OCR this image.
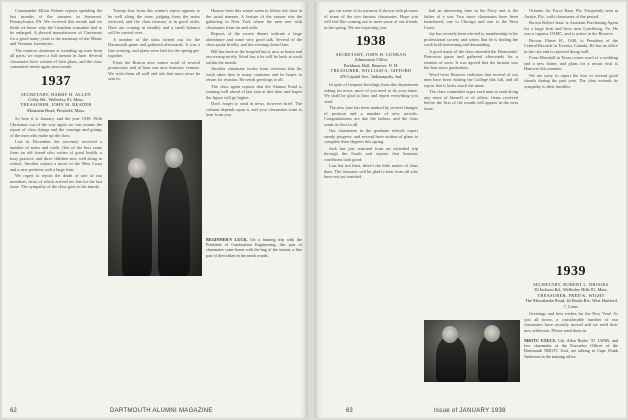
Commander Elliott Palmer reports spending the last months of the summer in Somerset, Pennsylvania, PA. We received this month and we think we know why the Canadian consulate had to be enlarged. A shrewd manufacturer of Cincinnati for a good many years is the mainstay of the Maine and Vermont fraternities.

The reunion chairman is rounding up men from all parts; we expect a full turnout in June. Several classmates have written of their plans, and the class committee meets again next month.

1937

SECRETARY, HARRY H. ALLEN

Colby Rd., Wellesley 81, Mass.

TREASURER, JOHN M. BEADER

Mountain Road, Pittsfield, Mass.

So here it is January, and the year 1938. With Christmas out of the way again we can resume the report of class doings and the comings and goings of the men who make up the class.

Late in December the secretary received a number of notes and cards. One of the best came from an old friend who writes of good health, a busy practice, and three children now well along in school. Another reports a move to the West Coast and a new position with a large firm.

We regret to report the death of one of our members, news of which arrived too late for the last issue. The sympathy of the class goes to his family.

Twenty-four from this winter's report appears to be well along the river, judging from the notes received, and the class treasury is in good order. Dues are coming in steadily and a small balance will be carried over.

A number of the class turned out for the Dartmouth game and gathered afterwards. It was a fine evening, and plans were laid for the spring get-together.

From the Boston area comes word of several promotions and at least one new business venture. We wish them all well and ask that more news be sent in.

BEGINNER'S LUCK. On a hunting trip with the President of Combustion Engineering, this pair of classmates came home with the bag of the season, a fine pair of deer taken in the north woods.

Honors from this winter seem to follow the class in the usual manner. A feature of the season was the gathering in New York where the men met with classmates from far and wide.

Reports of the recent dinner indicate a large attendance and some very good talk. Several of the class spoke briefly, and the evening closed late.

Bill has been in the hospital but is now at home and recovering nicely. Word has it he will be back at work within the month.

Another classmate writes from overseas that his work takes him to many countries and he hopes to return for reunion. He sends greetings to all.

The class agent reports that the Alumni Fund is running well ahead of last year at this date, and hopes the figure will go higher.

Don't forget to send in news, however brief. The column depends upon it, and your classmates want to hear from you.

62	DARTMOUTH ALUMNI MAGAZINE

gas cut some of its pictures if shown with pictures of some of the two famous classmates. Hope you will feel like coming out to meet some of our friends in the spring. We are expecting you.

1938

SECRETARY, JOHN H. CONRAN

Admissions Office

Parkhurst Hall, Hanover, N. H.

TREASURER, WILLIAM A. GIFFORD

470 Capital Ave., Indianapolis, Ind.

In spite of frequent bowlings from this department asking for news, more of you need to do your share. We shall be glad to hear and report everything you send.

The new year has been marked by several changes of position and a number of new arrivals. Congratulations are due the fathers, and the class sends its best to all.

Our classmates in the graduate schools report steady progress, and several have written of plans to complete their degrees this spring.

Jack has just returned from an extended trip through the South and reports that business conditions look good.

Last but not least, there's the little matter of class dues. The treasurer will be glad to hear from all who have not yet remitted.

had an interesting time in the Navy and is the father of a son. Two more classmates have been transferred, one to Chicago and one to the West Coast.

Jay has recently been elected to membership in his professional society and writes that he is finding the work both interesting and demanding.

A good many of the class attended the Dartmouth-Princeton game and gathered afterwards for a reunion of sorts. It was agreed that the turnout was the best since graduation.

Word from Hanover indicates that several of our men have been visiting the College this fall, and all report that it looks much the same.

The class committee urges each man to send along any news of himself or of others. Items received before the first of the month will appear in the next issue.

Orlando Air Force Base, Fla. Frequently seen at Austin, Fla., with classmates of the period.

Brown Robert Isaac is Assistant Purchasing Agent for a large firm and lives near Lynchburg, Va. He was a captain, USMC, and is active in the Reserve.

Brown, Elmer H., 1940, is President of the Central Records in Toronto, Canada. He has an office in the city and is reported doing well.

From Marshall in Texas comes word of a wedding and a new home, and plans for a return visit to Hanover this summer.

We are sorry to report the loss of several good friends during the past year. The class extends its sympathy to their families.

NROTC EXECS. Cdr. Allen Butler '37, USNR, and two classmates at the Executive Officer of the Dartmouth NROTC Unit, are talking to Capt. Frank Anderson in the training office.
1939

SECRETARY, ROBERT L. BROOKS

30 Jackson Rd., Wellesley Hills 81, Mass.

TREASURER, FRED K. WIGHT

The Moosilauke Road, 44 Booth Rd., West Hartford 7, Conn.

Greetings and best wishes for the New Year! As you all know, a considerable number of our classmates have recently moved and we need their new addresses. Please send them in.

Issue of JANUARY 1938
63
